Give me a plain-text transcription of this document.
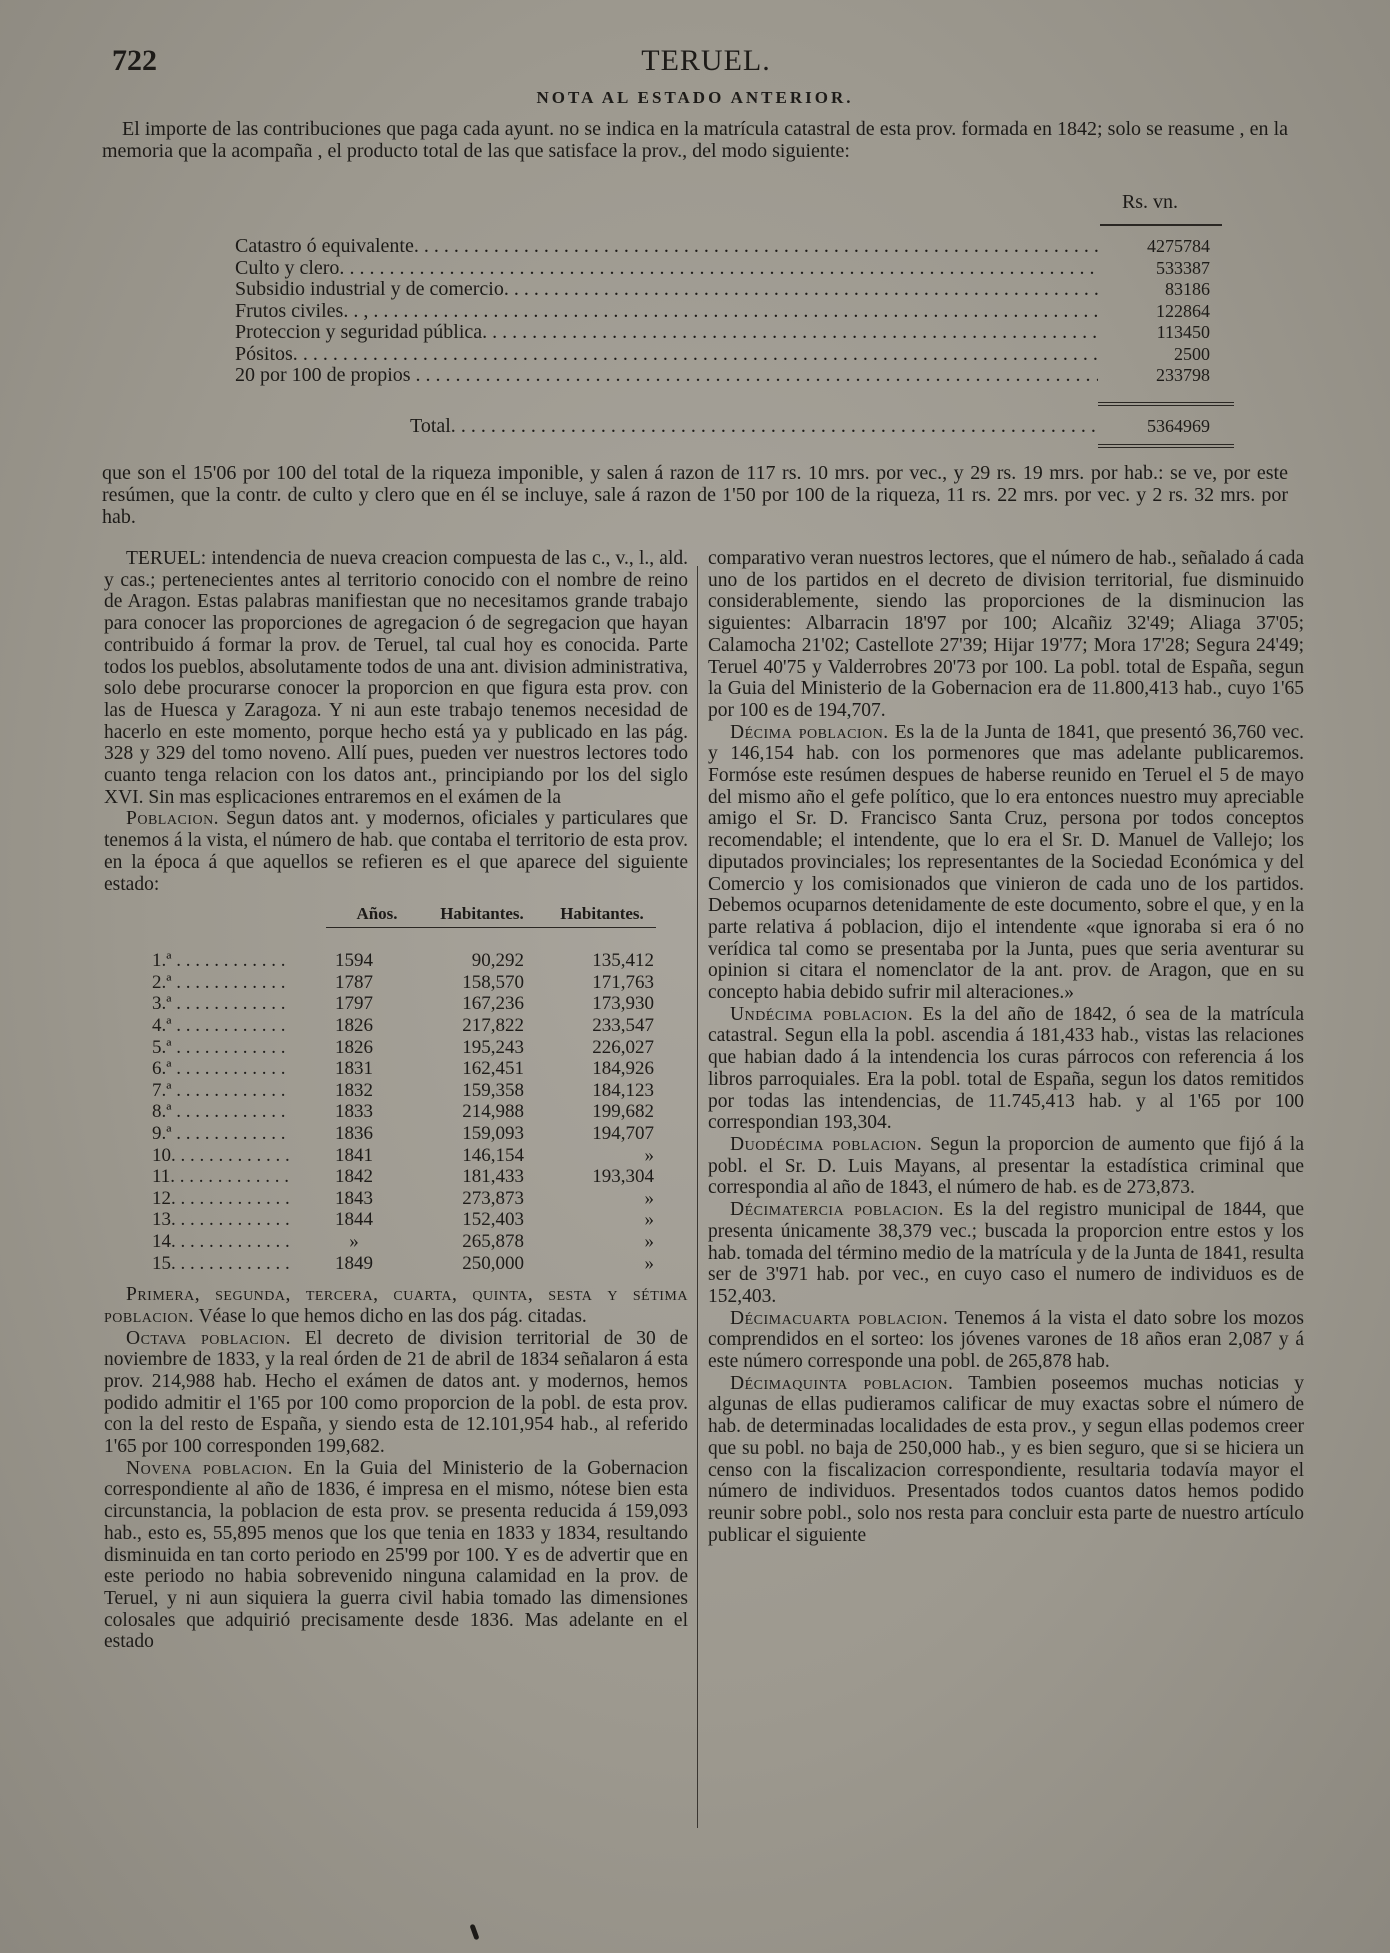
722	TERUEL.
NOTA AL ESTADO ANTERIOR.

El importe de las contribuciones que paga cada ayunt. no se indica en la matrícula catastral de esta prov. formada en 1842; solo se reasume , en la memoria que la acompaña , el producto total de las que satisface la prov., del modo siguiente:

Rs. vn.
Catastro ó equivalente. . . .	4275784
Culto y clero. . . .	533387
Subsidio industrial y de comercio. . . .	83186
Frutos civiles. . , . . .	122864
Proteccion y seguridad pública. . . .	113450
Pósitos. . . .	2500
20 por 100 de propios . . .	233798
Total. . . .	5364969

que son el 15'06 por 100 del total de la riqueza imponible, y salen á razon de 117 rs. 10 mrs. por vec., y 29 rs. 19 mrs. por hab.: se ve, por este resúmen, que la contr. de culto y clero que en él se incluye, sale á razon de 1'50 por 100 de la riqueza, 11 rs. 22 mrs. por vec. y 2 rs. 32 mrs. por hab.

TERUEL: intendencia de nueva creacion compuesta de las c., v., l., ald. y cas.; pertenecientes antes al territorio conocido con el nombre de reino de Aragon. Estas palabras manifiestan que no necesitamos grande trabajo para conocer las proporciones de agregacion ó de segregacion que hayan contribuido á formar la prov. de Teruel, tal cual hoy es conocida. Parte todos los pueblos, absolutamente todos de una ant. division administrativa, solo debe procurarse conocer la proporcion en que figura esta prov. con las de Huesca y Zaragoza. Y ni aun este trabajo tenemos necesidad de hacerlo en este momento, porque hecho está ya y publicado en las pág. 328 y 329 del tomo noveno. Allí pues, pueden ver nuestros lectores todo cuanto tenga relacion con los datos ant., principiando por los del siglo XVI. Sin mas esplicaciones entraremos en el exámen de la

Poblacion. Segun datos ant. y modernos, oficiales y particulares que tenemos á la vista, el número de hab. que contaba el territorio de esta prov. en la época á que aquellos se refieren es el que aparece del siguiente estado:

Años.	Habitantes.	Habitantes.
1.ª . . .	1594	90,292	135,412
2.ª . . .	1787	158,570	171,763
3.ª . . .	1797	167,236	173,930
4.ª . . .	1826	217,822	233,547
5.ª . . .	1826	195,243	226,027
6.ª . . .	1831	162,451	184,926
7.ª . . .	1832	159,358	184,123
8.ª . . .	1833	214,988	199,682
9.ª . . .	1836	159,093	194,707
10. . . .	1841	146,154	»
11. . . .	1842	181,433	193,304
12. . . .	1843	273,873	»
13. . . .	1844	152,403	»
14. . . .	»	265,878	»
15. . . .	1849	250,000	»

Primera, segunda, tercera, cuarta, quinta, sesta y sétima poblacion. Véase lo que hemos dicho en las dos pág. citadas.

Octava poblacion. El decreto de division territorial de 30 de noviembre de 1833, y la real órden de 21 de abril de 1834 señalaron á esta prov. 214,988 hab. Hecho el exámen de datos ant. y modernos, hemos podido admitir el 1'65 por 100 como proporcion de la pobl. de esta prov. con la del resto de España, y siendo esta de 12.101,954 hab., al referido 1'65 por 100 corresponden 199,682.

Novena poblacion. En la Guia del Ministerio de la Gobernacion correspondiente al año de 1836, é impresa en el mismo, nótese bien esta circunstancia, la poblacion de esta prov. se presenta reducida á 159,093 hab., esto es, 55,895 menos que los que tenia en 1833 y 1834, resultando disminuida en tan corto periodo en 25'99 por 100. Y es de advertir que en este periodo no habia sobrevenido ninguna calamidad en la prov. de Teruel, y ni aun siquiera la guerra civil habia tomado las dimensiones colosales que adquirió precisamente desde 1836. Mas adelante en el estado

comparativo veran nuestros lectores, que el número de hab., señalado á cada uno de los partidos en el decreto de division territorial, fue disminuido considerablemente, siendo las proporciones de la disminucion las siguientes: Albarracin 18'97 por 100; Alcañiz 32'49; Aliaga 37'05; Calamocha 21'02; Castellote 27'39; Hijar 19'77; Mora 17'28; Segura 24'49; Teruel 40'75 y Valderrobres 20'73 por 100. La pobl. total de España, segun la Guia del Ministerio de la Gobernacion era de 11.800,413 hab., cuyo 1'65 por 100 es de 194,707.

Décima poblacion. Es la de la Junta de 1841, que presentó 36,760 vec. y 146,154 hab. con los pormenores que mas adelante publicaremos. Formóse este resúmen despues de haberse reunido en Teruel el 5 de mayo del mismo año el gefe político, que lo era entonces nuestro muy apreciable amigo el Sr. D. Francisco Santa Cruz, persona por todos conceptos recomendable; el intendente, que lo era el Sr. D. Manuel de Vallejo; los diputados provinciales; los representantes de la Sociedad Económica y del Comercio y los comisionados que vinieron de cada uno de los partidos. Debemos ocuparnos detenidamente de este documento, sobre el que, y en la parte relativa á poblacion, dijo el intendente «que ignoraba si era ó no verídica tal como se presentaba por la Junta, pues que seria aventurar su opinion si citara el nomenclator de la ant. prov. de Aragon, que en su concepto habia debido sufrir mil alteraciones.»

Undécima poblacion. Es la del año de 1842, ó sea de la matrícula catastral. Segun ella la pobl. ascendia á 181,433 hab., vistas las relaciones que habian dado á la intendencia los curas párrocos con referencia á los libros parroquiales. Era la pobl. total de España, segun los datos remitidos por todas las intendencias, de 11.745,413 hab. y al 1'65 por 100 correspondian 193,304.

Duodécima poblacion. Segun la proporcion de aumento que fijó á la pobl. el Sr. D. Luis Mayans, al presentar la estadística criminal que correspondia al año de 1843, el número de hab. es de 273,873.

Décimatercia poblacion. Es la del registro municipal de 1844, que presenta únicamente 38,379 vec.; buscada la proporcion entre estos y los hab. tomada del término medio de la matrícula y de la Junta de 1841, resulta ser de 3'971 hab. por vec., en cuyo caso el numero de individuos es de 152,403.

Décimacuarta poblacion. Tenemos á la vista el dato sobre los mozos comprendidos en el sorteo: los jóvenes varones de 18 años eran 2,087 y á este número corresponde una pobl. de 265,878 hab.

Décimaquinta poblacion. Tambien poseemos muchas noticias y algunas de ellas pudieramos calificar de muy exactas sobre el número de hab. de determinadas localidades de esta prov., y segun ellas podemos creer que su pobl. no baja de 250,000 hab., y es bien seguro, que si se hiciera un censo con la fiscalizacion correspondiente, resultaria todavía mayor el número de individuos. Presentados todos cuantos datos hemos podido reunir sobre pobl., solo nos resta para concluir esta parte de nuestro artículo publicar el siguiente
